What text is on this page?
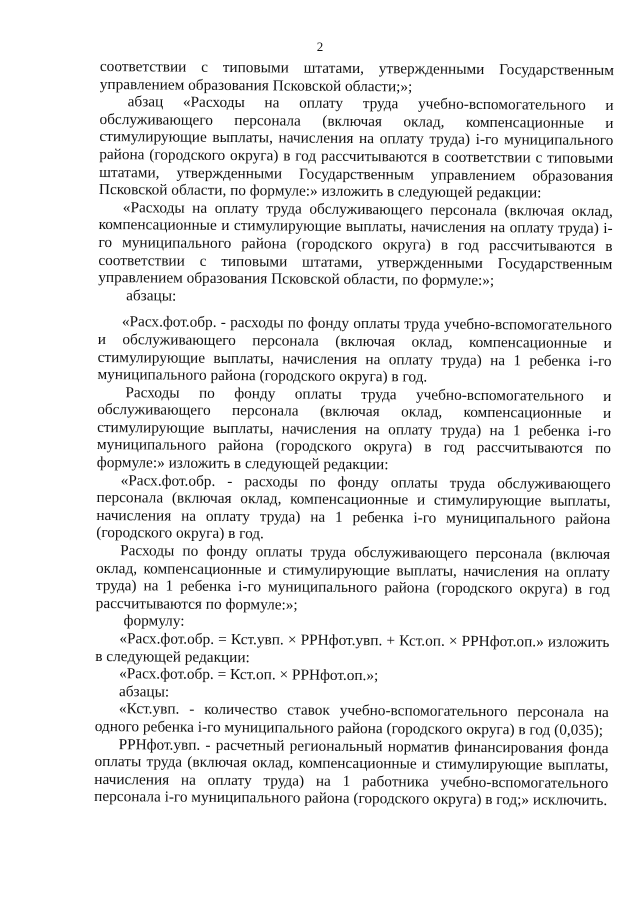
2

соответствии с типовыми штатами, утвержденными Государственным управлением образования Псковской области;»;

абзац «Расходы на оплату труда учебно-вспомогательного и обслуживающего персонала (включая оклад, компенсационные и стимулирующие выплаты, начисления на оплату труда) i-го муниципального района (городского округа) в год рассчитываются в соответствии с типовыми штатами, утвержденными Государственным управлением образования Псковской области, по формуле:» изложить в следующей редакции:

«Расходы на оплату труда обслуживающего персонала (включая оклад, компенсационные и стимулирующие выплаты, начисления на оплату труда) i-го муниципального района (городского округа) в год рассчитываются в соответствии с типовыми штатами, утвержденными Государственным управлением образования Псковской области, по формуле:»;

абзацы:

«Расх.фот.обр. - расходы по фонду оплаты труда учебно-вспомогательного и обслуживающего персонала (включая оклад, компенсационные и стимулирующие выплаты, начисления на оплату труда) на 1 ребенка i-го муниципального района (городского округа) в год.

Расходы по фонду оплаты труда учебно-вспомогательного и обслуживающего персонала (включая оклад, компенсационные и стимулирующие выплаты, начисления на оплату труда) на 1 ребенка i-го муниципального района (городского округа) в год рассчитываются по формуле:» изложить в следующей редакции:

«Расх.фот.обр. - расходы по фонду оплаты труда обслуживающего персонала (включая оклад, компенсационные и стимулирующие выплаты, начисления на оплату труда) на 1 ребенка i-го муниципального района (городского округа) в год.

Расходы по фонду оплаты труда обслуживающего персонала (включая оклад, компенсационные и стимулирующие выплаты, начисления на оплату труда) на 1 ребенка i-го муниципального района (городского округа) в год рассчитываются по формуле:»;

формулу:

«Расх.фот.обр. = Кст.увп. × РРНфот.увп. + Кст.оп. × РРНфот.оп.» изложить в следующей редакции:

«Расх.фот.обр. = Кст.оп. × РРНфот.оп.»;

абзацы:

«Кст.увп. - количество ставок учебно-вспомогательного персонала на одного ребенка i-го муниципального района (городского округа) в год (0,035);

РРНфот.увп. - расчетный региональный норматив финансирования фонда оплаты труда (включая оклад, компенсационные и стимулирующие выплаты, начисления на оплату труда) на 1 работника учебно-вспомогательного персонала i-го муниципального района (городского округа) в год;» исключить.
